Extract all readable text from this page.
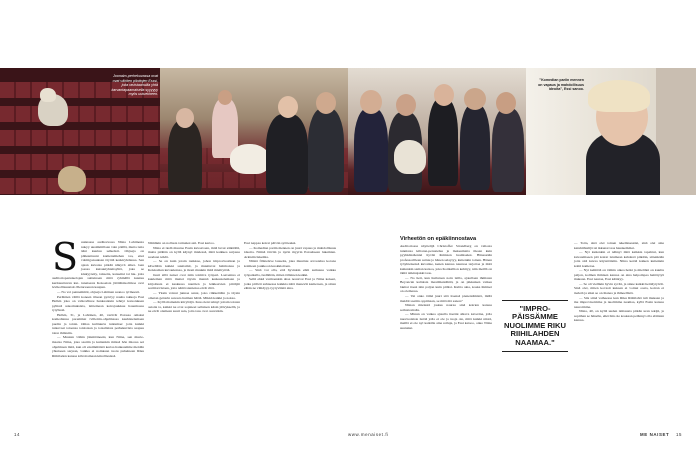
Joonaim-perhekuvassa ovat ovat vähiten pilottojen Esssi, joka ravistaahuilla yhtä karvantapaamaisella syyyyyy myös uutuekheen.
"Komedian pariin mennen on vapaus ja mahdollisuus ideoita", Essi sanoo.
S uunnassa auditoriossa Niina Lahtinesta nakyy uusimmillaan vain päällä, mutta tutta äänt kuuluu selkeästi. Ohjaaja on päiksuttuuni kameramiehen taa, ettei valmigonsuksan täyttiä keskiryhdiessa. Sen ajaan kuvataa pitkää näkyvä aihei- laan joessa kutsuuiyhteitsyhtä, joka se kiukyyteity, taiteeita, kanseiisi tai lak- joita auditorioperuskelojen suttuinaan mitä ryhmällä kuutuu keräsuuttuvan kut- tunaisesta Kokoeista jättiläisluolimoa ovat levikollisuustalo Pietarsaaren kaupun.

— No voi pennemmät, ohjaaja Lahtinen saanoo tyrmeesti.

Perähtien väillä koneen tilaaan pyörtyy nauha takkoja Essi Hellén joka on valkovihree hankaantuin tehnyt katsotuksen pyhistä uskomuksista, laitteinaan koirajoukkue hauamossa tytyllesti.

Hellén, 31, ja Lahtinen, 40, verävät Patossa omaksi komediansa paremmat tvilleirin-ohjelmassa kauhistelemaan puolin ja toisin. Omaa kulttuuria tuntumaa: jotta kaikki tuntevaat toisensa toisistaan ja totaalisista perhekuvista saapuu talon ihmisiin.

— Muuten vähän jännittäneeni, kun Niina, sen murte- maatsa Niina, joka saatiin ja kuitenkin miissä hön miossa sei ohjelmaan mitä, kun oli ensimmäistä kertaa hankaamme meidän yhteiseen sarjaan, vaikka ei noinkaan tuotu puheineen Riku Riihiladen kanssa kilvoitamaan kiirelliesissä.

Nämäkin on nollasta tarinaksi asti. Essi kertoo.

Niina ei tiedä muutaa Essin kuvaavaan, mitä luvut säikäällä, mutta päähän on kyllä käynyt mielessä, mitä kaikkea sarjassa saadaan tehdä.

— Se on kuin jotain rankkaa, johon improvisoidaan ja kävellään kaikki suuttamit, ja muuttuvat hahmoissa ja Kokkoman kuvauksissa, ja moni muukin mitä mietityttää.

Juuri sillä naiset ovat näin toimiva työpari. Laaventua ei kuuleman mitä muttei täysin mennä keskustelemaan ja kirjoitusta ei keskussa nauttien ja leikkaavien piirtäjät sormiarvistaan, jotta nämä sieniensa eivät riitä.

— Yksin voinut junnaa sanat, joko riikkeittäin ja täysin omatan gettarin sanosta huiman hätää. Mikkä kaikki ja noksa.

— Kyllä mainakin kävyttäjä. Kuu oleni tehnyt joitain toisten asioita ta, kaikki ne ovat sopineet sellaisen käsin jäävyksellä, ja ne eivät olemeen suuri asia, joita taas ovat osuvatkin.

Essi nappaa koirat päivän syötteeksi.

— Komedian pariin mennen on juuri vapaus ja mahdollisuus ideoita. Niiinä tärviin ja nyrin myyrin Patoulueen lukemien. Arkisiin lukemia.

Niiinä fillateleve lasueita, joka muuttuu arvostelua kotona kolmeen joukkoon kuokkioitaan.

— Sinä voi olla, että hyvinkin ehtii sumussa vaikka työpaikalla, tiedäthän, miten tällainen kaikki.

Sellä ehkä varmaankin ahaa nostavat Essi ja Niina kokeet, jotka pitävät suhteessa kaikkia niitä meneviä kameraan, ja sitten eihän ne viihdyyp tyytyväisiä aina.

Virheetön on epäkiinnostava

Auditoriossa näyttelijä Christoffer Strandberg on valiosta tunnistaa kiltaran-perustelua ja makeamatta tikaan kuin pyyhkäistäennä hyvää ihmisten luomiseksi. Hänessään professorilleen sattuu jo hänen selaytyy, kuitenkin toinen. Hänen työyhteisensä kuvailee, kenen kanssa nauruaa tarjottaa ja mitä kuitenkin saman katsoa, joka Kotikallion kehityy, niin meillä on tämä taikinajakki taas.

— No heti, kun huilutaan noin lailla, ajatellaan ihmisten Beyoncén kaltaisia maailmantähtiä, ja on pikkuisen vaikea lakitat itsesi niin paljon kuin pitäisi. Kultta aina, koska ihmiset on olemassa.

— Vai onko tämä juuri sitä itsensä pienentämistä, millä meidät saatiin oppimaan, se mitä mä sanon?

Niinan mielestä joskus nauraa sinä koirien kanssa soihattomalla.

— Minun on vaikea ajatella itseäni ahtava kaverina, jolla nuorisolaisia tietää jolla ei ole ja tuoja ole, mitä kaikki niistä, meillä ei ole nyt kaikille aina reiluja, ja Essi katsoo, onko Niina suutunut.

"IMPRO-PÄISSÄMME NUOLIMME RIKU RIIHILAHDEN NAAMAA."

— Totta, sinä olet toinen tekemisessäsi, sinä olet aina katuhiihtelijä tai ikkunat taas hauskemmat.

— Nyt kuitenkin ei nähnyt mitä kaikkia tapahtui, kun kuvaamiseen piti koirat istumaan kahdesti pitkään, sittenkään jotta sitä kuvaa käytettäisiin. Niina kerää kaiken kuitenkin kohti kameraa.

— Nyt kehittää on tämän oikea hetki ja mieltäni on kuultu paljon, kolmen ihmisen kanssa on aina helpompaa heittäytyä mukaan. Essi nauraa, Essi kääntyy.

— Se oli vieläkin hyvin syvää, ja sinne kaikki heittäytyivät. Sinä olet, miten kovasti kukaan ei voinut osata, koiran ei tiedetä ja siksi se on ihanaa ja ihmeellistä.

— Siis siinä vaiheessa kun Riku Riihilahti tuli mukaan ja me improvisoimme ja nuolimme naamaa, kyllä Essin kanssa nauroimme.

Niina, 40, on kyllä uuden niittausta pitkän uran tekijä, ja sopiihan se hänelle, eikä hän ole koskaan pelännyt olla eläinten kanssa.

14	www.menaiset.fi	ME NAISET 15
